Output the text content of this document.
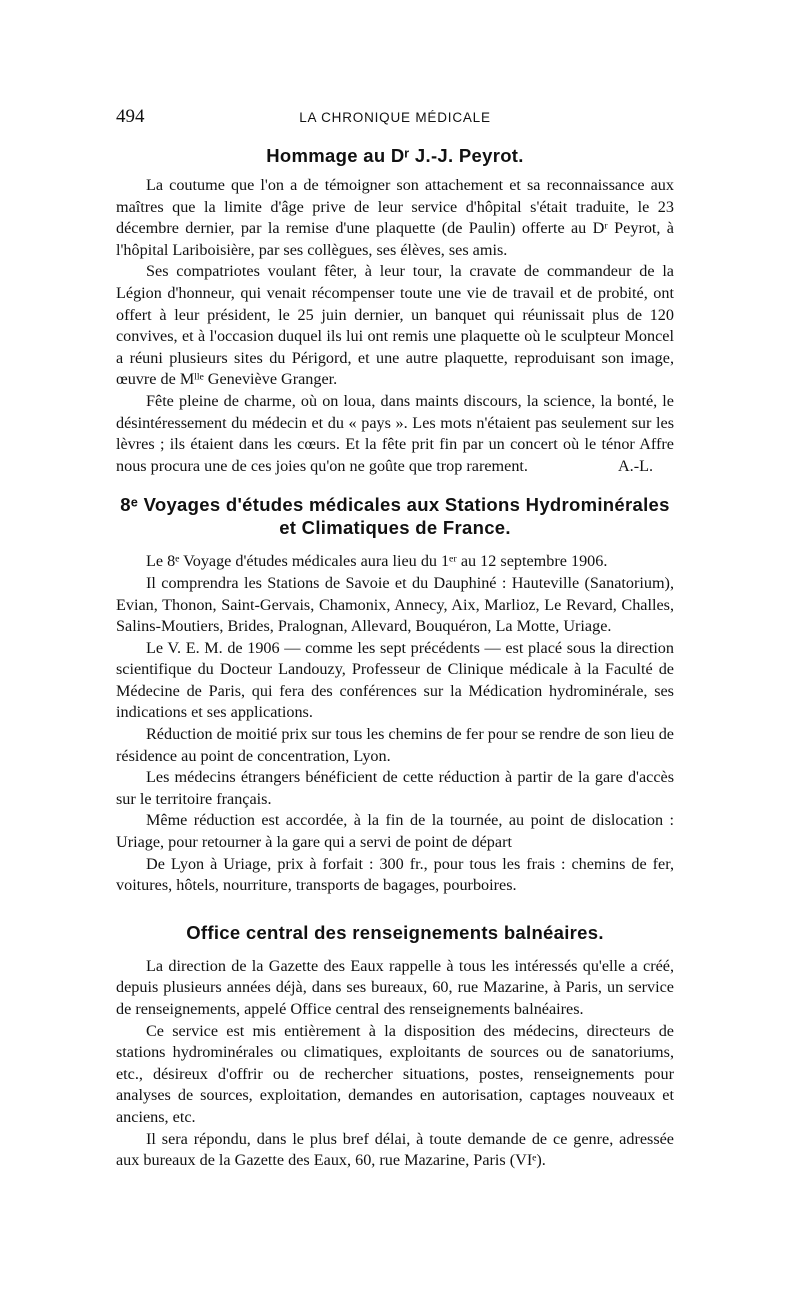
494	LA CHRONIQUE MÉDICALE
Hommage au Dʳ J.-J. Peyrot.

La coutume que l'on a de témoigner son attachement et sa reconnaissance aux maîtres que la limite d'âge prive de leur service d'hôpital s'était traduite, le 23 décembre dernier, par la remise d'une plaquette (de Paulin) offerte au Dʳ Peyrot, à l'hôpital Lariboisière, par ses collègues, ses élèves, ses amis.

Ses compatriotes voulant fêter, à leur tour, la cravate de commandeur de la Légion d'honneur, qui venait récompenser toute une vie de travail et de probité, ont offert à leur président, le 25 juin dernier, un banquet qui réunissait plus de 120 convives, et à l'occasion duquel ils lui ont remis une plaquette où le sculpteur Moncel a réuni plusieurs sites du Périgord, et une autre plaquette, reproduisant son image, œuvre de Mˡˡᵉ Geneviève Granger.

Fête pleine de charme, où on loua, dans maints discours, la science, la bonté, le désintéressement du médecin et du « pays ». Les mots n'étaient pas seulement sur les lèvres ; ils étaient dans les cœurs. Et la fête prit fin par un concert où le ténor Affre nous procura une de ces joies qu'on ne goûte que trop rarement.	A.-L.

8ᵉ Voyages d'études médicales aux Stations Hydrominérales et Climatiques de France.

Le 8ᵉ Voyage d'études médicales aura lieu du 1ᵉʳ au 12 septembre 1906.

Il comprendra les Stations de Savoie et du Dauphiné : Hauteville (Sanatorium), Evian, Thonon, Saint-Gervais, Chamonix, Annecy, Aix, Marlioz, Le Revard, Challes, Salins-Moutiers, Brides, Pralognan, Allevard, Bouquéron, La Motte, Uriage.

Le V. E. M. de 1906 — comme les sept précédents — est placé sous la direction scientifique du Docteur Landouzy, Professeur de Clinique médicale à la Faculté de Médecine de Paris, qui fera des conférences sur la Médication hydrominérale, ses indications et ses applications.

Réduction de moitié prix sur tous les chemins de fer pour se rendre de son lieu de résidence au point de concentration, Lyon.

Les médecins étrangers bénéficient de cette réduction à partir de la gare d'accès sur le territoire français.

Même réduction est accordée, à la fin de la tournée, au point de dislocation : Uriage, pour retourner à la gare qui a servi de point de départ

De Lyon à Uriage, prix à forfait : 300 fr., pour tous les frais : chemins de fer, voitures, hôtels, nourriture, transports de bagages, pourboires.

Office central des renseignements balnéaires.

La direction de la Gazette des Eaux rappelle à tous les intéressés qu'elle a créé, depuis plusieurs années déjà, dans ses bureaux, 60, rue Mazarine, à Paris, un service de renseignements, appelé Office central des renseignements balnéaires.

Ce service est mis entièrement à la disposition des médecins, directeurs de stations hydrominérales ou climatiques, exploitants de sources ou de sanatoriums, etc., désireux d'offrir ou de rechercher situations, postes, renseignements pour analyses de sources, exploitation, demandes en autorisation, captages nouveaux et anciens, etc.

Il sera répondu, dans le plus bref délai, à toute demande de ce genre, adressée aux bureaux de la Gazette des Eaux, 60, rue Mazarine, Paris (VIᵉ).
